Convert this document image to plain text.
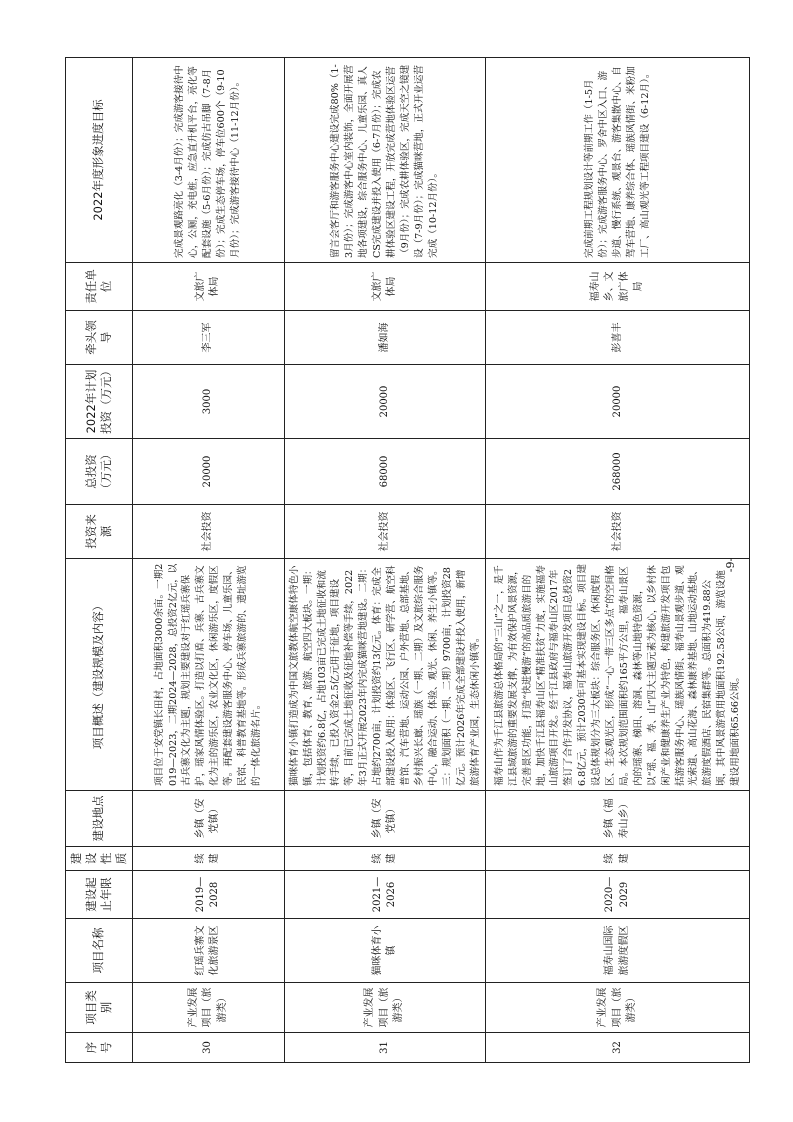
序号	项目类别	项目名称	建设起止年限	建设性质	建设地点	项目概述（建设规模及内容）	投资来源	总投资（万元）	2022年计划投资（万元）	牵头领导	责任单位	2022年度形象进度目标
30	产业发展项目（旅游类）	红瑶兵寨文化旅游景区	2019—2028	续建	乡镇（安党镇）	项目位于安党镇长田村，占地面积3000余亩。一期2019—2023，二期2024—2028，总投资2亿元，以古兵寨文化为主题，规划主要建设对于红瑶兵寨保护，瑶家风情体验区。打造以打盾、兵寨、古兵寨文化为主的游乐区，农业文化区，休闲游乐区，度假区等。再配套建设游客服务中心、停车场、儿童乐园、民宿、科普教育基地等。形成兵寨旅游的、遗址游览的一体化旅游名片。	社会投资	20000	3000	李三军	文旅广体局	完成景观路亮化（3-4月份）；完成游客接待中心，公厕，充电桩，应急直升机平台，亮化等配套设施（5-6月份）；完成仿古吊脚（7-8月份）；完成生态停车场，停车位600个（9-10月份）；完成游客接待中心（11-12月份）。
31	产业发展项目（旅游类）	猫咪体育小镇	2021—2026	续建	乡镇（安党镇）	猫咪体育小镇打造成为中国文旅教体航空康体特色小镇，包括体育、教育、旅游、航空四大板块。一期：计划投资约6.8亿，占地103亩已完成土地征收和流转手续，已投入资金2.5亿元用于征地，项目建设等，目前已完成土地征收及征地补偿等手续，2022年3月正式开展2023年内完成猫咪营地建设。二期：占地约2700亩，计划投资约13亿元。体育：完成全部建设投入使用：体验区、飞行区、研学营、航空科普馆、汽车营地、运动公园、户外营地、总部基地、乡村振兴长廊、瑶族（一期、二期）及文旅综合服务中心，融合运动、体验、观光、休闲、养生小镇等。三：规划面积（一期、二期）9700亩，计划投资28亿元。预计2026年完成全部建设并投入使用，新增旅游体育产业园，生态休闲小镇等。	社会投资	68000	20000	潘如海	文旅广体局	留言会客厅和游客服务中心建设完成80%（1-3月份）；完成游客中心室内装饰，全面开展营地各项建设，综合服务中心、儿童乐园、真人CS完成建设并投入使用（6-7月份）；完成农耕体验区建设工程，开放完成营地体验区运营（9月份）；完成农耕体验区，完成天空之镜建设（7-9月份）；完成猫咪营地，正式开业运营完成（10-12月份）。
32	产业发展项目（旅游类）	福寿山国际旅游度假区	2020—2029	续建	乡镇（福寿山乡）	福寿山作为千江县旅游总体格局的“三山”之一，是千江县域旅游的重要发展支撑，为有效保护风景资源，完善景区功能，打造“快进慢游”的高品质旅游目的地，加快千江县福寿山区“精准扶贫”力度，实施福寿山旅游项目开发。经千江县政府与福寿山区2017年签订了合作开发协议，福寿山旅游开发项目总投资26.8亿元，预计2030年可基本实现建设目标。项目建设总体规划分为三大板块：综合服务区、休闲度假区、生态观光区，形成“一心一带三区多点”的空间格局。本次规划范围面积约165平方公里，福寿山景区内的瑶寨、梯田、溶洞、森林等山地特色资源，以“瑶、福、寿、山”四大主题元素为核心，以乡村休闲产业和健康养生产业为特色，构建旅游开发项目包括游客服务中心、瑶族风情街、福寿山景观步道、观光索道、高山花海、森林康养基地、山地运动基地、旅游度假酒店、民宿集群等。总面积为419.88公顷，其中风景游赏用地面积192.58公顷，游览设施建设用地面积65.66公顷。	社会投资	268000	20000	彭喜丰	福寿山乡、文旅广体局	完成前期工程规划设计等前期工作（1-5月份）；完成游客服务中心、罗舍中区入口、游步道、慢行系统、观景台、游客集散中心、自驾车营地、康养综合体、瑶族风情街、米粉加工厂、高山观光等工程项目建设（6-12月）。
-9-
